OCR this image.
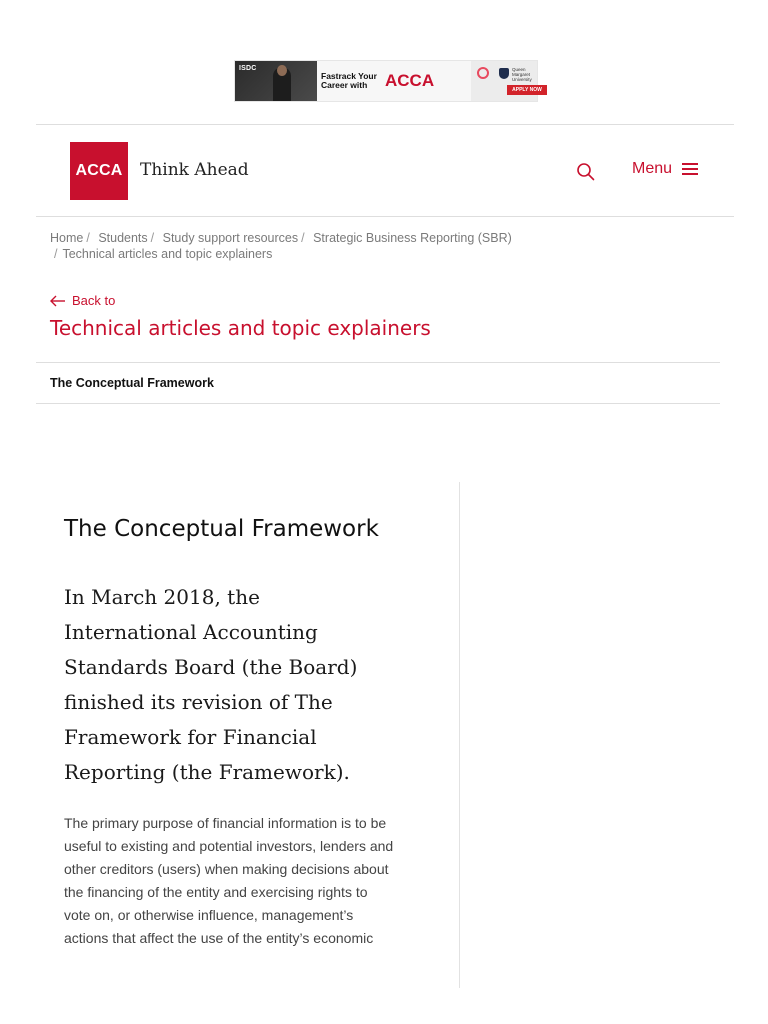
ISDC
Fastrack Your Career with	ACCA
Queen Margaret University
APPLY NOW
ACCA	Think Ahead	Menu
Home / Students / Study support resources / Strategic Business Reporting (SBR)
/ Technical articles and topic explainers
Back to
Technical articles and topic explainers
The Conceptual Framework
The Conceptual Framework
In March 2018, the International Accounting Standards Board (the Board) finished its revision of The Framework for Financial Reporting (the Framework).
The primary purpose of financial information is to be useful to existing and potential investors, lenders and other creditors (users) when making decisions about the financing of the entity and exercising rights to vote on, or otherwise influence, management’s actions that affect the use of the entity’s economic
